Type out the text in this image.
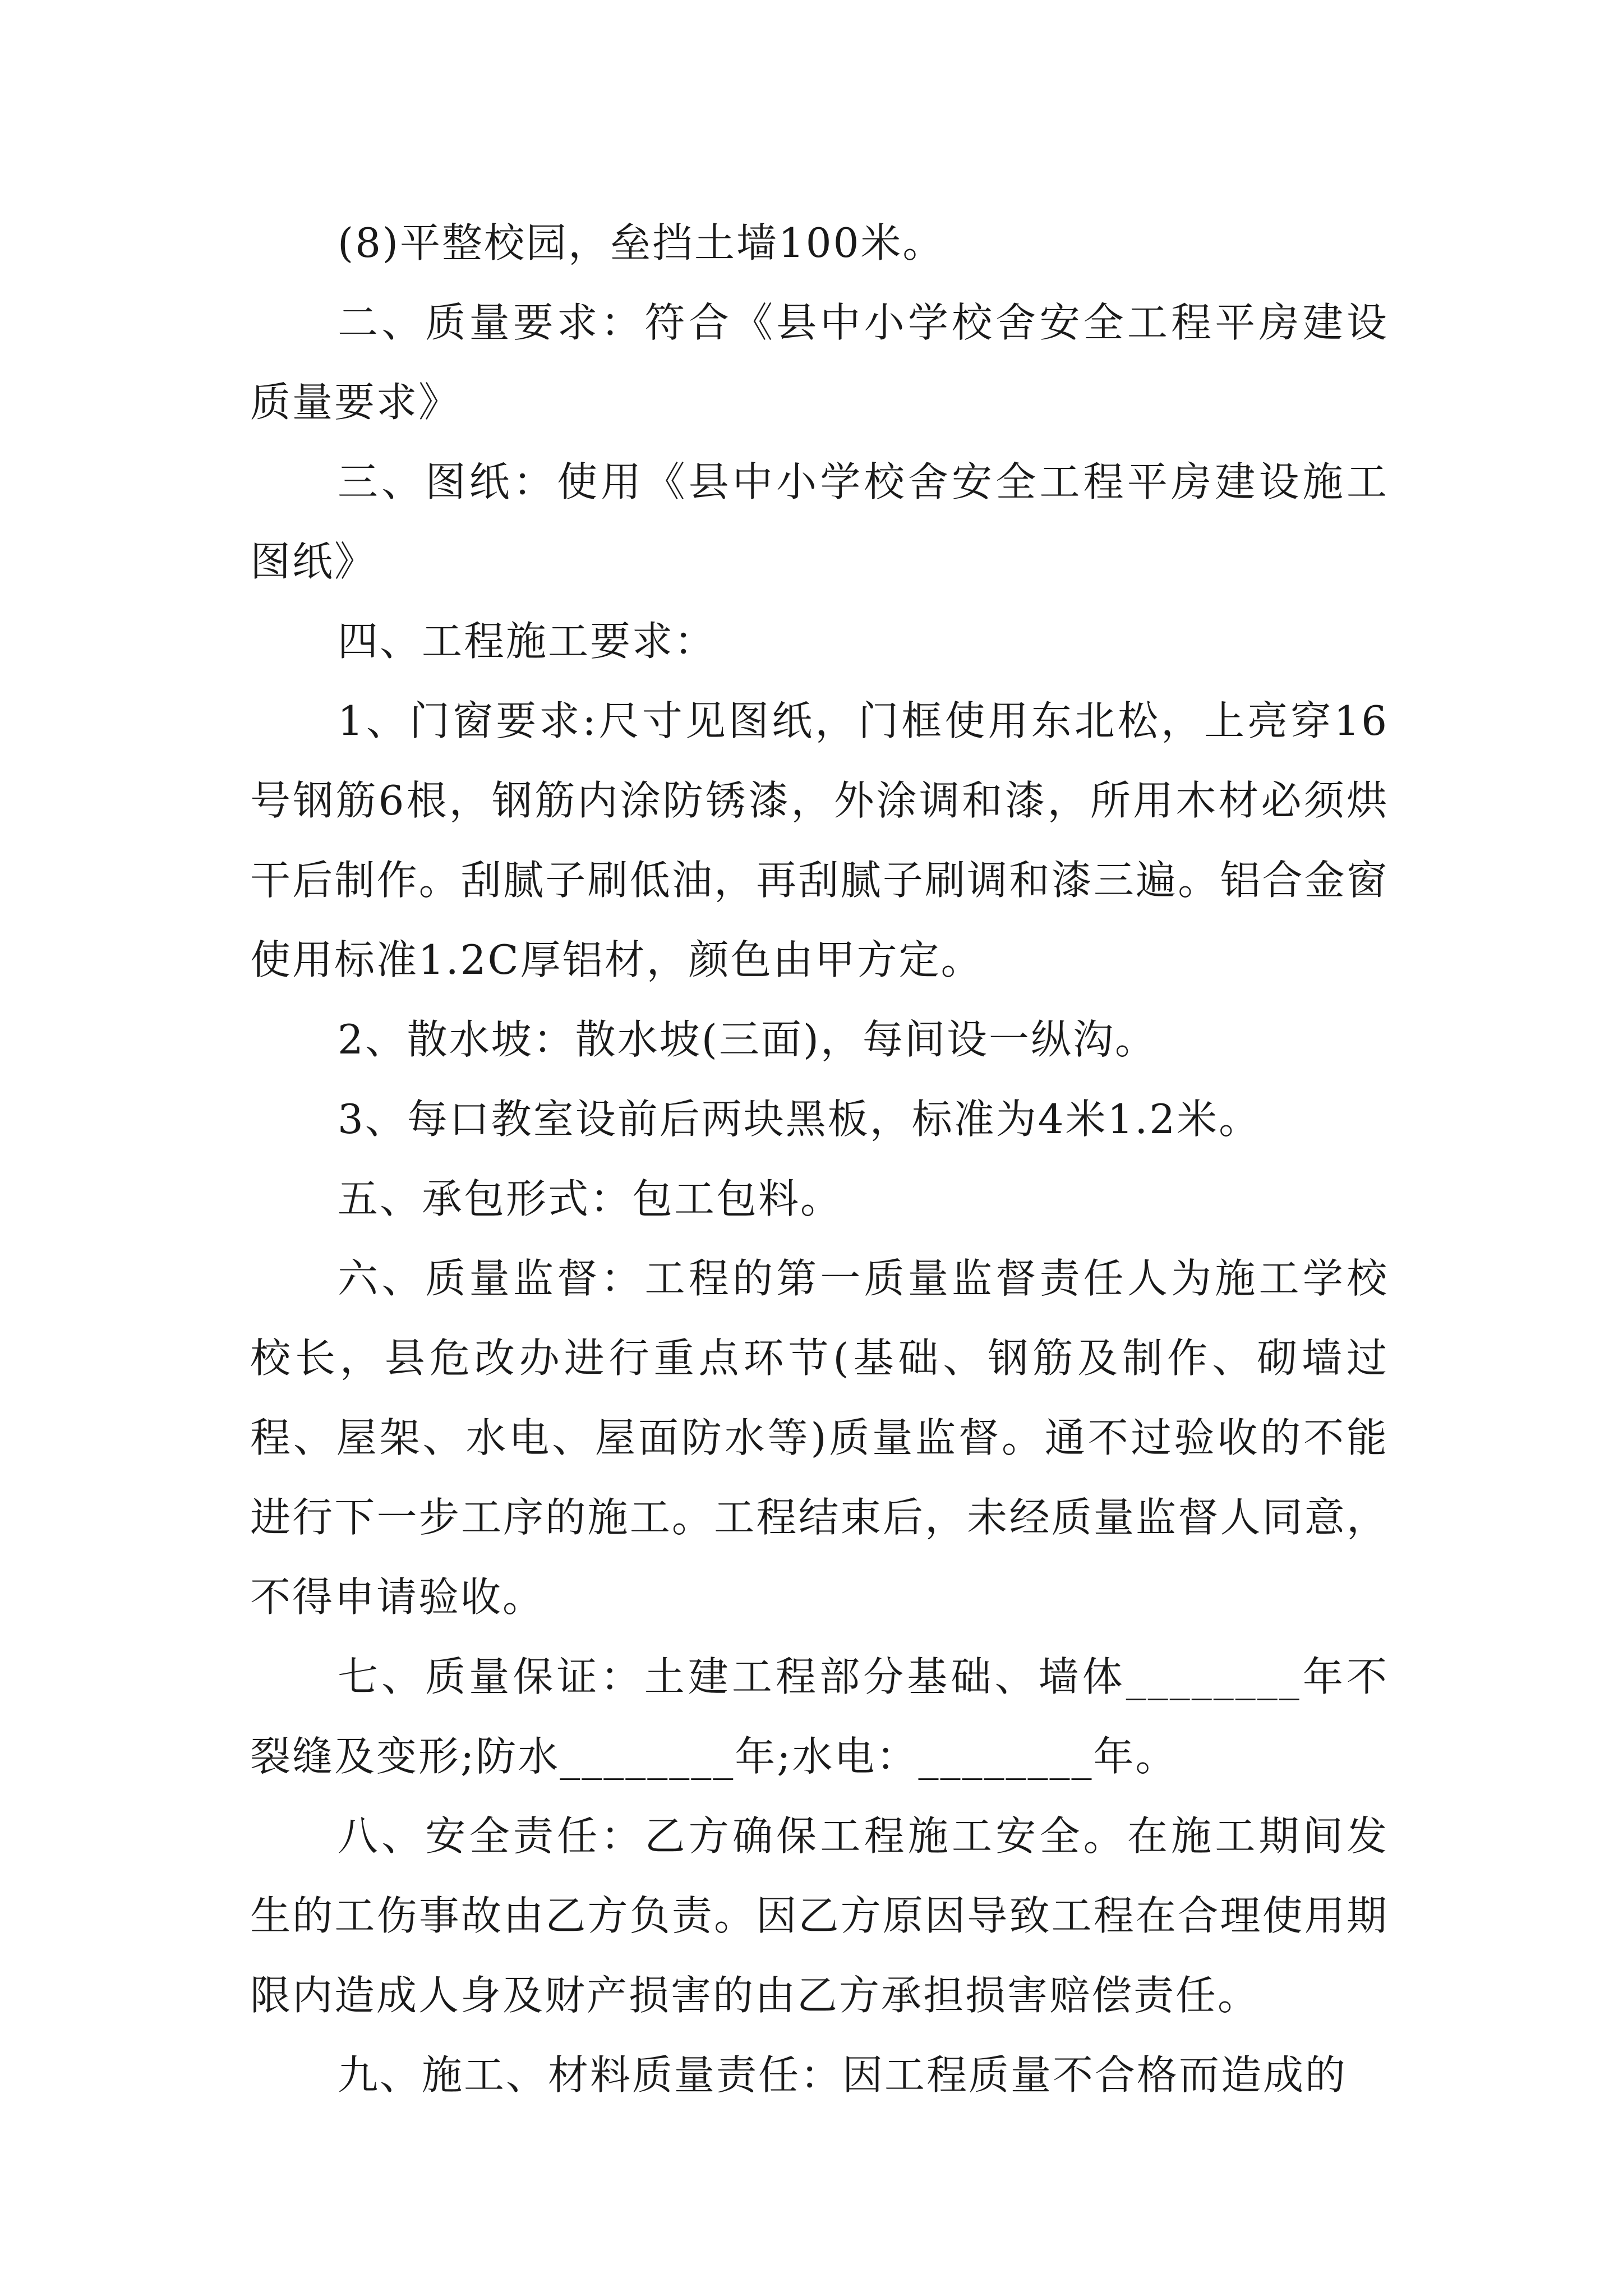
(8)平整校园，垒挡土墙100米。

二、质量要求：符合《县中小学校舍安全工程平房建设质量要求》

三、图纸：使用《县中小学校舍安全工程平房建设施工图纸》

四、工程施工要求：

1、门窗要求:尺寸见图纸，门框使用东北松，上亮穿16号钢筋6根，钢筋内涂防锈漆，外涂调和漆，所用木材必须烘干后制作。刮腻子刷低油，再刮腻子刷调和漆三遍。铝合金窗使用标准1.2C厚铝材，颜色由甲方定。

2、散水坡：散水坡(三面)，每间设一纵沟。

3、每口教室设前后两块黑板，标准为4米1.2米。

五、承包形式：包工包料。

六、质量监督：工程的第一质量监督责任人为施工学校校长，县危改办进行重点环节(基础、钢筋及制作、砌墙过程、屋架、水电、屋面防水等)质量监督。通不过验收的不能进行下一步工序的施工。工程结束后，未经质量监督人同意，不得申请验收。

七、质量保证：土建工程部分基础、墙体________年不裂缝及变形;防水________年;水电：________年。

八、安全责任：乙方确保工程施工安全。在施工期间发生的工伤事故由乙方负责。因乙方原因导致工程在合理使用期限内造成人身及财产损害的由乙方承担损害赔偿责任。

九、施工、材料质量责任：因工程质量不合格而造成的
